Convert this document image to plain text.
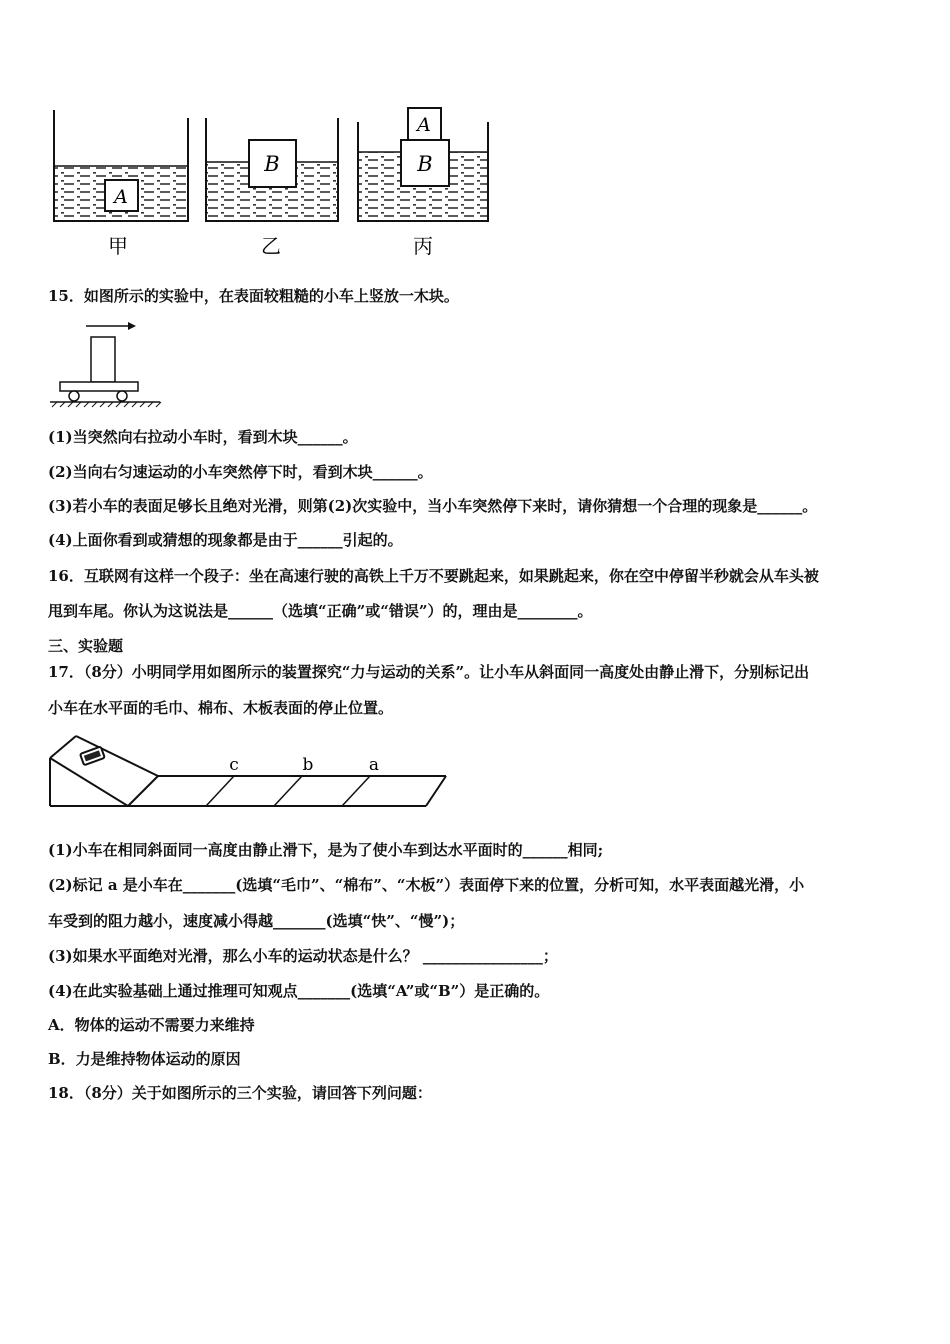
A
B	B
A
甲	乙	丙
15．如图所示的实验中，在表面较粗糙的小车上竖放一木块。
(1)当突然向右拉动小车时，看到木块______。
(2)当向右匀速运动的小车突然停下时，看到木块______。
(3)若小车的表面足够长且绝对光滑，则第(2)次实验中，当小车突然停下来时，请你猜想一个合理的现象是______。
(4)上面你看到或猜想的现象都是由于______引起的。
16．互联网有这样一个段子：坐在高速行驶的高铁上千万不要跳起来，如果跳起来，你在空中停留半秒就会从车头被
甩到车尾。你认为这说法是______（选填“正确”或“错误”）的，理由是________。
三、实验题
17．（8分）小明同学用如图所示的装置探究“力与运动的关系”。让小车从斜面同一高度处由静止滑下，分别标记出
小车在水平面的毛巾、棉布、木板表面的停止位置。
c	b	a
(1)小车在相同斜面同一高度由静止滑下，是为了使小车到达水平面时的______相同;
(2)标记 a 是小车在_______(选填“毛巾”、“棉布”、“木板”）表面停下来的位置，分析可知，水平表面越光滑，小
车受到的阻力越小，速度减小得越_______(选填“快”、“慢”)；
(3)如果水平面绝对光滑，那么小车的运动状态是什么？ ________________；
(4)在此实验基础上通过推理可知观点_______(选填“A”或“B”）是正确的。
A．物体的运动不需要力来维持
B．力是维持物体运动的原因
18．（8分）关于如图所示的三个实验，请回答下列问题：
